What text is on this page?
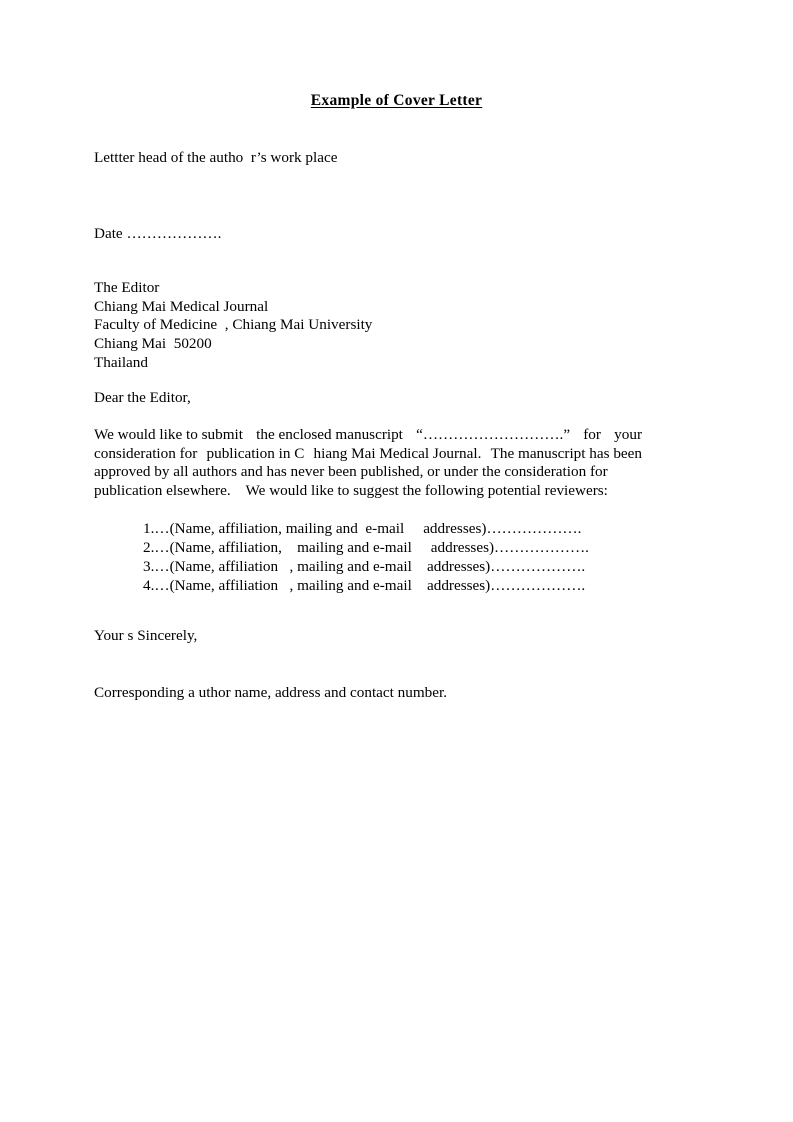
Example of Cover Letter
Lettter head of the autho  r’s work place
Date ……………….
The Editor
Chiang Mai Medical Journal
Faculty of Medicine  , Chiang Mai University
Chiang Mai  50200
Thailand
Dear the Editor,
We would like to submit the enclosed manuscript “……………………….” for your
consideration for publication in C hiang Mai Medical Journal. The manuscript has been
approved by all authors and has never been published, or under the consideration for
publication elsewhere.    We would like to suggest the following potential reviewers:
1. …(Name, affiliation, mailing and  e-mail     addresses) ……………….
2. …(Name, affiliation,    mailing and e-mail     addresses) ……………….
3. …(Name, affiliation   , mailing and e-mail    addresses) ……………….
4. …(Name, affiliation   , mailing and e-mail    addresses) ……………….
Your s Sincerely,
Corresponding a uthor name, address and contact number.
